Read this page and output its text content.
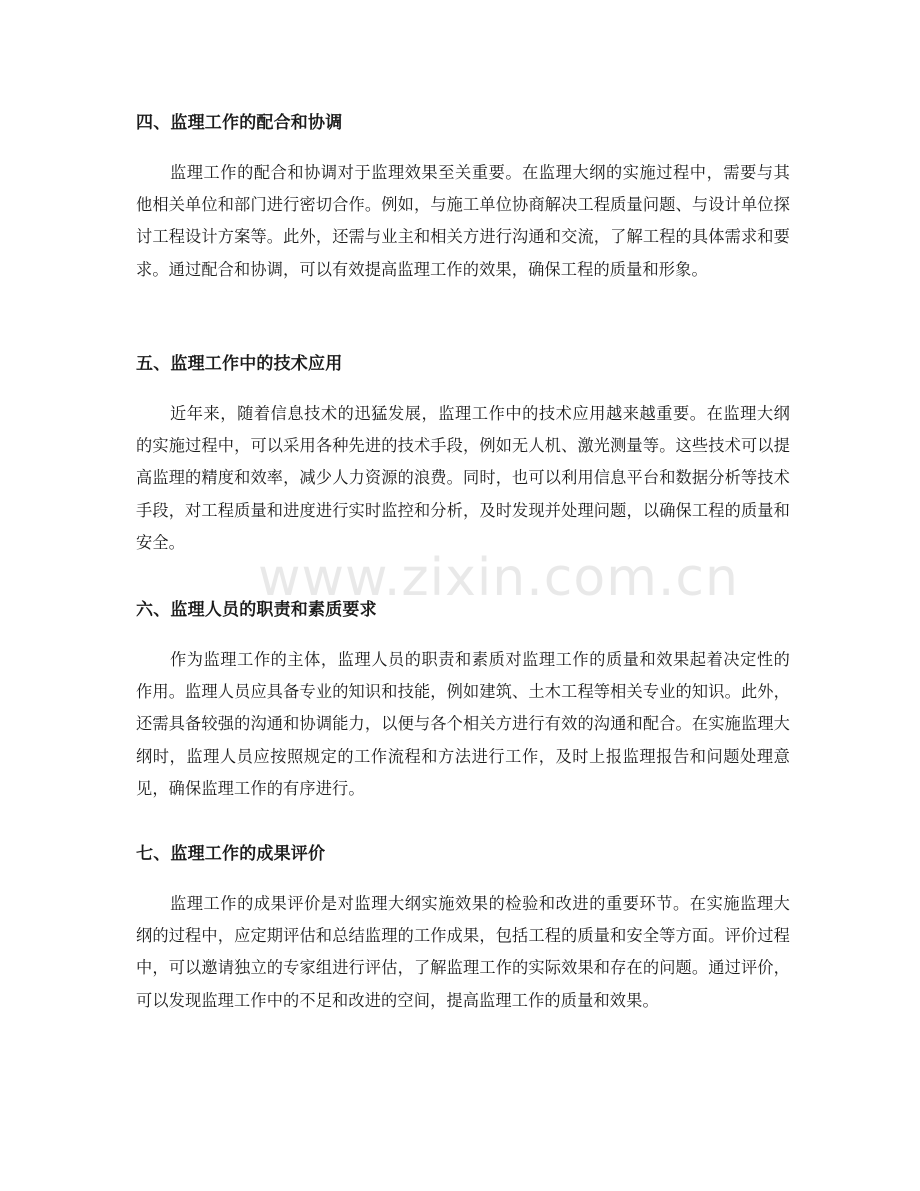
四、监理工作的配合和协调

监理工作的配合和协调对于监理效果至关重要。在监理大纲的实施过程中，需要与其他相关单位和部门进行密切合作。例如，与施工单位协商解决工程质量问题、与设计单位探讨工程设计方案等。此外，还需与业主和相关方进行沟通和交流，了解工程的具体需求和要求。通过配合和协调，可以有效提高监理工作的效果，确保工程的质量和形象。

五、监理工作中的技术应用

近年来，随着信息技术的迅猛发展，监理工作中的技术应用越来越重要。在监理大纲的实施过程中，可以采用各种先进的技术手段，例如无人机、激光测量等。这些技术可以提高监理的精度和效率，减少人力资源的浪费。同时，也可以利用信息平台和数据分析等技术手段，对工程质量和进度进行实时监控和分析，及时发现并处理问题，以确保工程的质量和安全。

六、监理人员的职责和素质要求

作为监理工作的主体，监理人员的职责和素质对监理工作的质量和效果起着决定性的作用。监理人员应具备专业的知识和技能，例如建筑、土木工程等相关专业的知识。此外，还需具备较强的沟通和协调能力，以便与各个相关方进行有效的沟通和配合。在实施监理大纲时，监理人员应按照规定的工作流程和方法进行工作，及时上报监理报告和问题处理意见，确保监理工作的有序进行。

七、监理工作的成果评价

监理工作的成果评价是对监理大纲实施效果的检验和改进的重要环节。在实施监理大纲的过程中，应定期评估和总结监理的工作成果，包括工程的质量和安全等方面。评价过程中，可以邀请独立的专家组进行评估，了解监理工作的实际效果和存在的问题。通过评价，可以发现监理工作中的不足和改进的空间，提高监理工作的质量和效果。

www.zixin.com.cn
